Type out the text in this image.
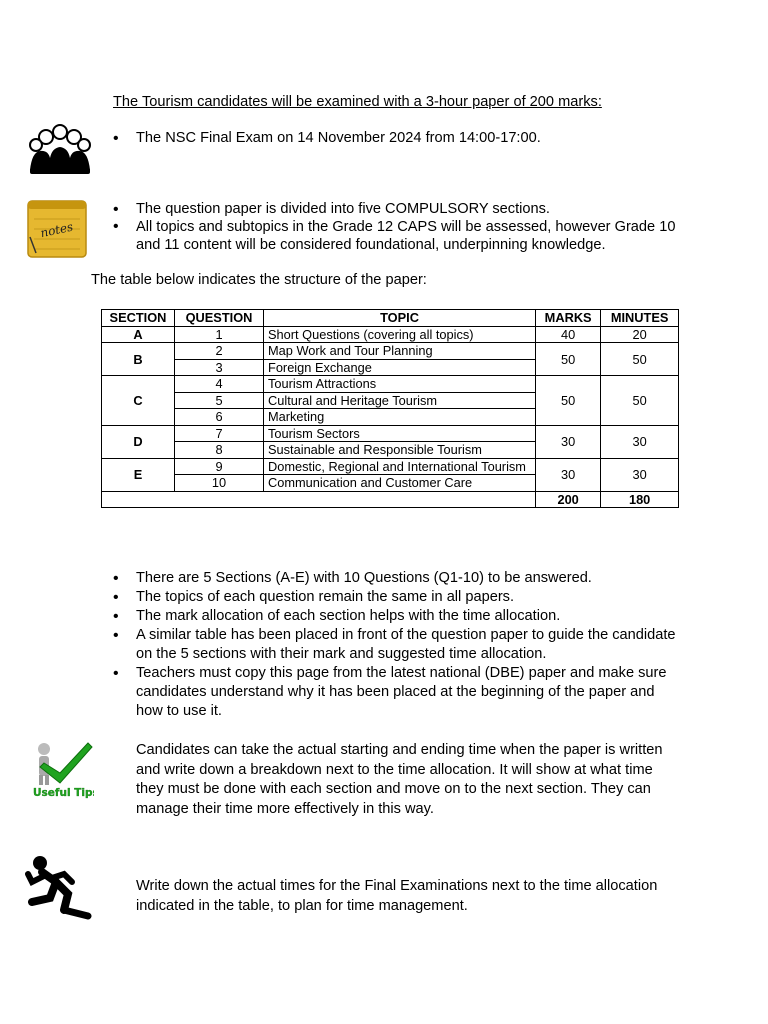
The Tourism candidates will be examined with a 3-hour paper of 200 marks:
• The NSC Final Exam on 14 November 2024 from 14:00-17:00.
notes
• The question paper is divided into five COMPULSORY sections.
• All topics and subtopics in the Grade 12 CAPS will be assessed, however Grade 10 and 11 content will be considered foundational, underpinning knowledge.
The table below indicates the structure of the paper:
SECTION	QUESTION	TOPIC	MARKS	MINUTES
A	1	Short Questions (covering all topics)	40	20
B	2	Map Work and Tour Planning	50	50
	3	Foreign Exchange		
C	4	Tourism Attractions	50	50
	5	Cultural and Heritage Tourism		
	6	Marketing		
D	7	Tourism Sectors	30	30
	8	Sustainable and Responsible Tourism		
E	9	Domestic, Regional and International Tourism	30	30
	10	Communication and Customer Care		
			200	180
• There are 5 Sections (A-E) with 10 Questions (Q1-10) to be answered.
• The topics of each question remain the same in all papers.
• The mark allocation of each section helps with the time allocation.
• A similar table has been placed in front of the question paper to guide the candidate on the 5 sections with their mark and suggested time allocation.
• Teachers must copy this page from the latest national (DBE) paper and make sure candidates understand why it has been placed at the beginning of the paper and how to use it.
Useful Tips
Candidates can take the actual starting and ending time when the paper is written and write down a breakdown next to the time allocation. It will show at what time they must be done with each section and move on to the next section. They can manage their time more effectively in this way.
Write down the actual times for the Final Examinations next to the time allocation indicated in the table, to plan for time management.
